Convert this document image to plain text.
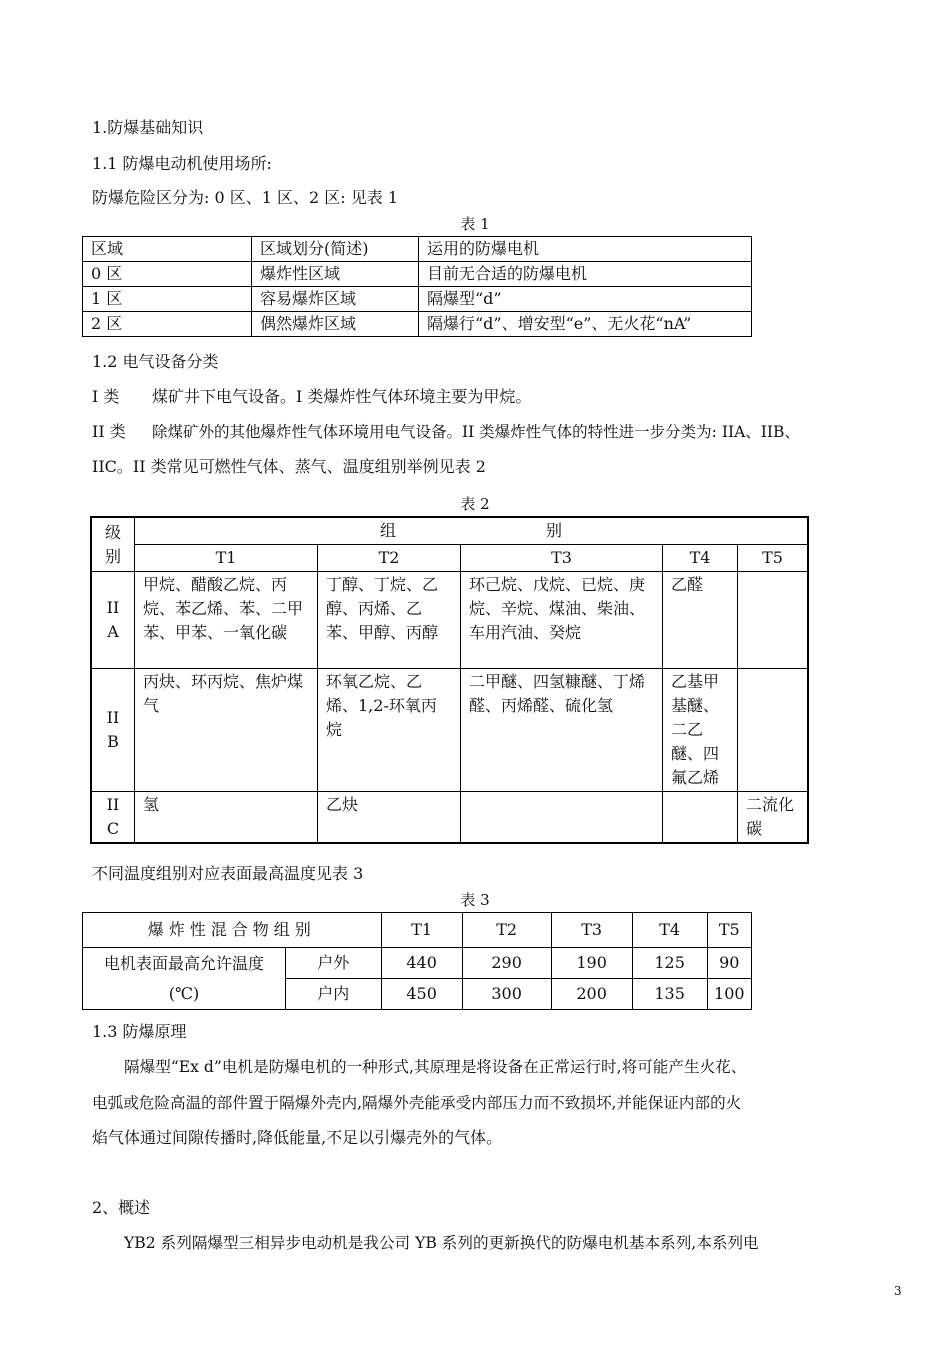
1.防爆基础知识
1.1 防爆电动机使用场所:
防爆危险区分为: 0 区、1 区、2 区: 见表 1
表 1
区域	区域划分(简述)	运用的防爆电机
0 区	爆炸性区域	目前无合适的防爆电机
1 区	容易爆炸区域	隔爆型“d”
2 区	偶然爆炸区域	隔爆行“d”、增安型“e”、无火花“nA”
1.2 电气设备分类
I 类 煤矿井下电气设备。I 类爆炸性气体环境主要为甲烷。
II 类 除煤矿外的其他爆炸性气体环境用电气设备。II 类爆炸性气体的特性进一步分类为: IIA、IIB、
IIC。II 类常见可燃性气体、蒸气、温度组别举例见表 2
表 2
级别	组 别				
	T1	T2	T3	T4	T5
II A	甲烷、醋酸乙烷、丙烷、苯乙烯、苯、二甲苯、甲苯、一氧化碳	丁醇、丁烷、乙醇、丙烯、乙苯、甲醇、丙醇	环己烷、戊烷、已烷、庚烷、辛烷、煤油、柴油、车用汽油、癸烷	乙醛	
II B	丙炔、环丙烷、焦炉煤气	环氧乙烷、乙烯、1,2-环氧丙烷	二甲醚、四氢糠醚、丁烯醛、丙烯醛、硫化氢	乙基甲基醚、二乙醚、四氟乙烯	
II C	氢	乙炔			二流化碳
不同温度组别对应表面最高温度见表 3
表 3
爆炸性混合物组别		T1	T2	T3	T4	T5
电机表面最高允许温度(℃)	户外	440	290	190	125	90
	户内	450	300	200	135	100
1.3 防爆原理
隔爆型“Ex d”电机是防爆电机的一种形式,其原理是将设备在正常运行时,将可能产生火花、
电弧或危险高温的部件置于隔爆外壳内,隔爆外壳能承受内部压力而不致损坏,并能保证内部的火
焰气体通过间隙传播时,降低能量,不足以引爆壳外的气体。
2、概述
YB2 系列隔爆型三相异步电动机是我公司 YB 系列的更新换代的防爆电机基本系列,本系列电
3
